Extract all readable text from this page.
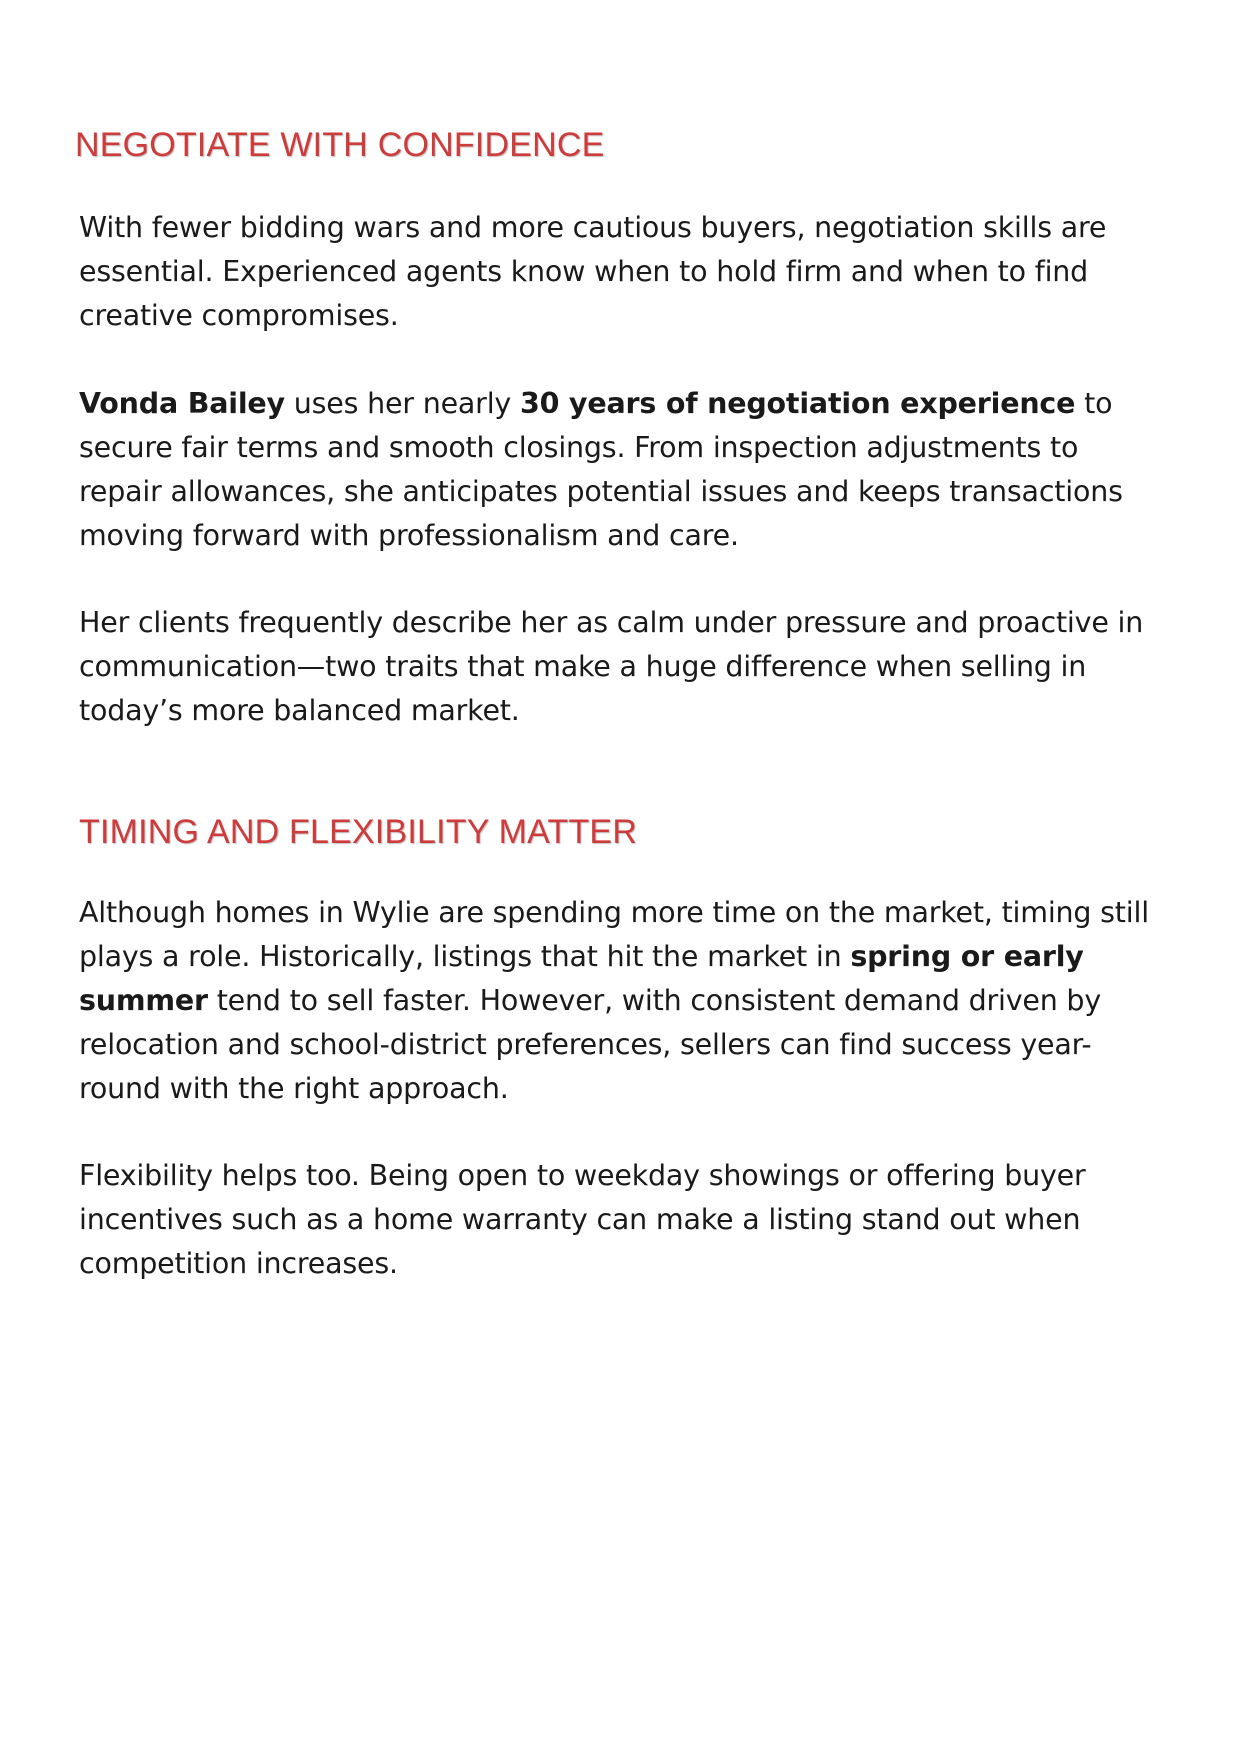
NEGOTIATE WITH CONFIDENCE

With fewer bidding wars and more cautious buyers, negotiation skills are essential. Experienced agents know when to hold firm and when to find creative compromises.

Vonda Bailey uses her nearly 30 years of negotiation experience to secure fair terms and smooth closings. From inspection adjustments to repair allowances, she anticipates potential issues and keeps transactions moving forward with professionalism and care.

Her clients frequently describe her as calm under pressure and proactive in communication—two traits that make a huge difference when selling in today’s more balanced market.

TIMING AND FLEXIBILITY MATTER

Although homes in Wylie are spending more time on the market, timing still plays a role. Historically, listings that hit the market in spring or early summer tend to sell faster. However, with consistent demand driven by relocation and school-district preferences, sellers can find success year-round with the right approach.

Flexibility helps too. Being open to weekday showings or offering buyer incentives such as a home warranty can make a listing stand out when competition increases.
